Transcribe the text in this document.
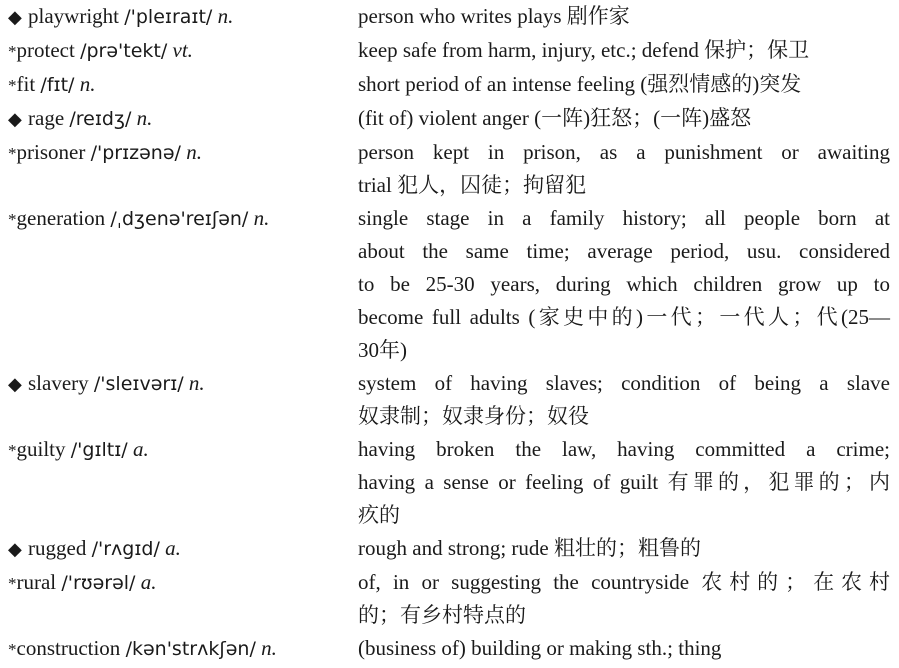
◆ playwright /'pleɪraɪt/ n.	person who writes plays 剧作家
*protect /prə'tekt/ vt.	keep safe from harm, injury, etc.; defend 保护；保卫
*fit /fɪt/ n.	short period of an intense feeling (强烈情感的)突发
◆ rage /reɪdʒ/ n.	(fit of) violent anger (一阵)狂怒；(一阵)盛怒
*prisoner /'prɪzənə/ n.	person kept in prison, as a punishment or awaiting
trial 犯人，囚徒；拘留犯
*generation /ˌdʒenə'reɪʃən/ n.	single stage in a family history; all people born at
about the same time; average period, usu. considered
to be 25-30 years, during which children grow up to
become full adults (家史中的)一代；一代人；代(25—
30年)
◆ slavery /'sleɪvərɪ/ n.	system of having slaves; condition of being a slave
奴隶制；奴隶身份；奴役
*guilty /'gɪltɪ/ a.	having broken the law, having committed a crime;
having a sense or feeling of guilt 有罪的，犯罪的；内
疚的
◆ rugged /'rʌgɪd/ a.	rough and strong; rude 粗壮的；粗鲁的
*rural /'rʊərəl/ a.	of, in or suggesting the countryside 农村的；在农村
的；有乡村特点的
*construction /kən'strʌkʃən/ n.	(business of) building or making sth.; thing
